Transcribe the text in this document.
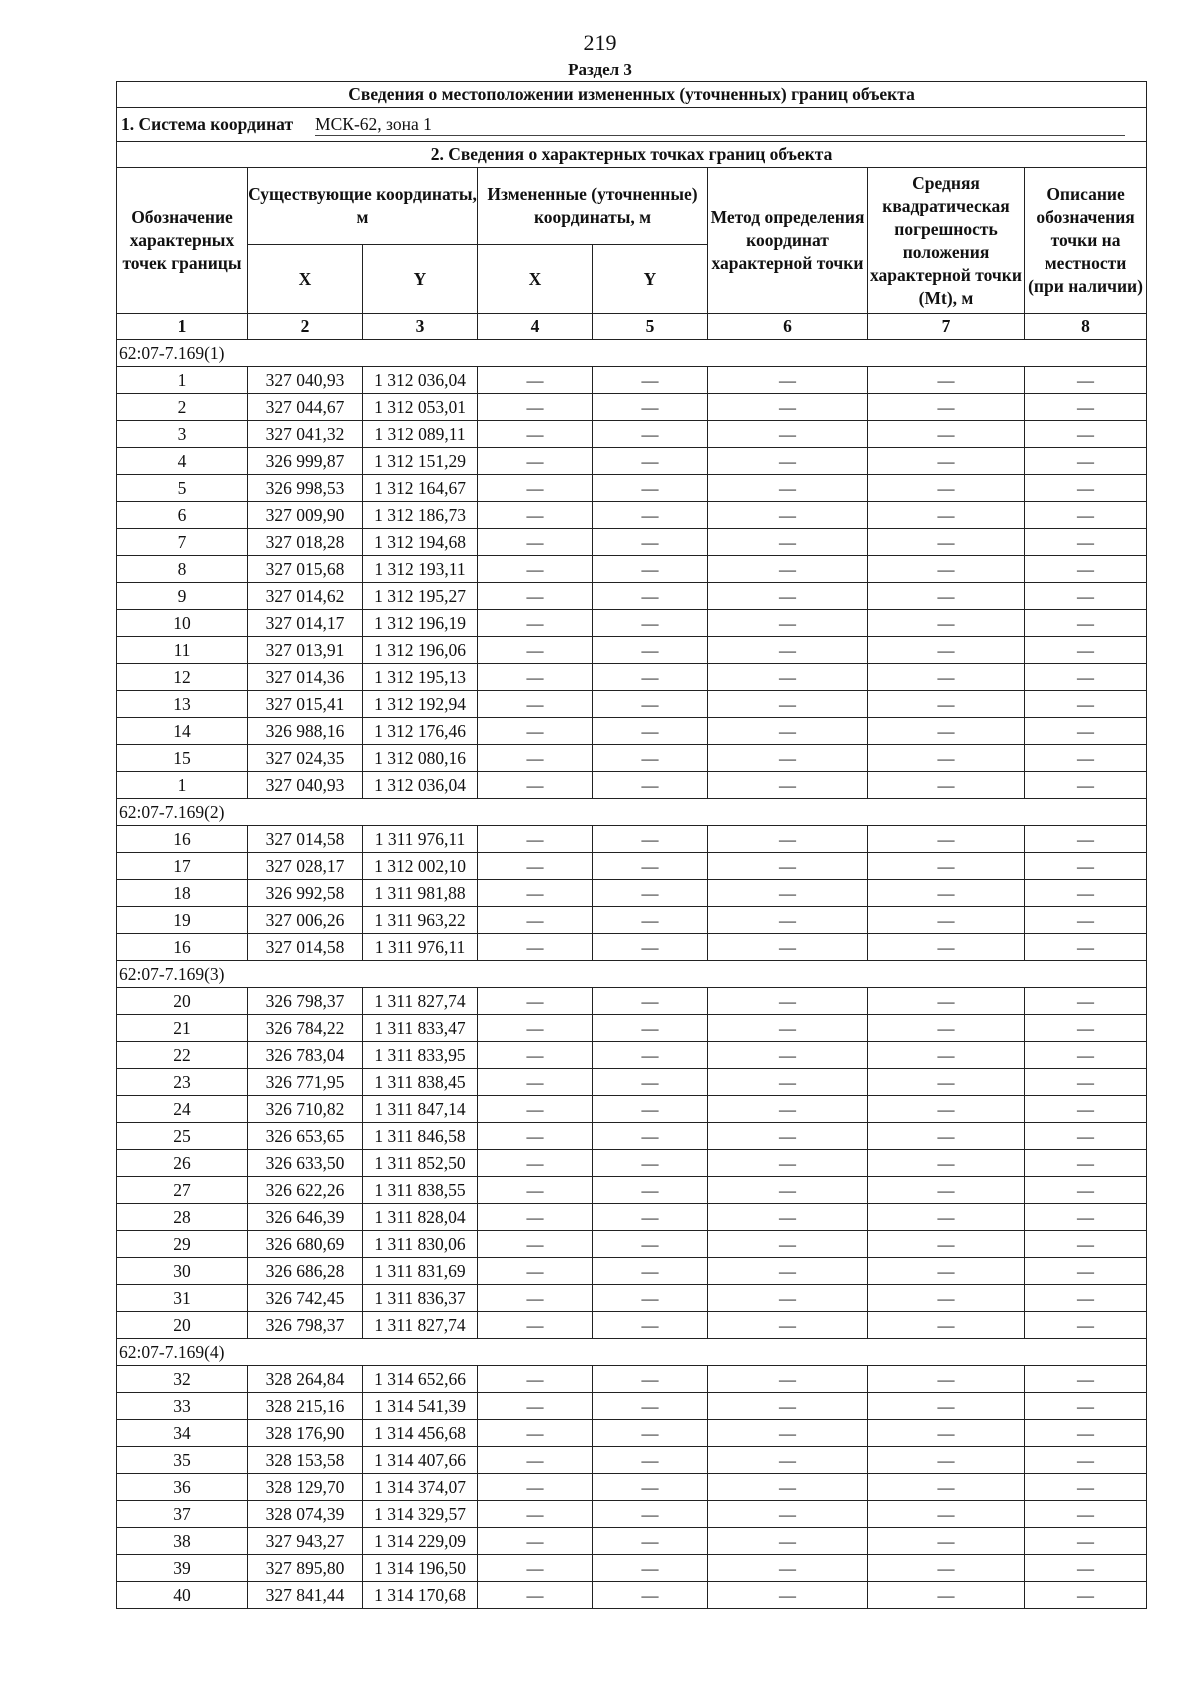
219
Раздел 3
Сведения о местоположении измененных (уточненных) границ объекта							
1. Система координат МСК-62, зона 1							
2. Сведения о характерных точках границ объекта							
Обозначение характерных точек границы	Существующие координаты, м		Измененные (уточненные) координаты, м		Метод определения координат характерной точки	Средняя квадратическая погрешность положения характерной точки (Mt), м	Описание обозначения точки на местности (при наличии)
	X	Y	X	Y			
1	2	3	4	5	6	7	8
62:07-7.169(1)							
1	327 040,93	1 312 036,04	—	—	—	—	—
2	327 044,67	1 312 053,01	—	—	—	—	—
3	327 041,32	1 312 089,11	—	—	—	—	—
4	326 999,87	1 312 151,29	—	—	—	—	—
5	326 998,53	1 312 164,67	—	—	—	—	—
6	327 009,90	1 312 186,73	—	—	—	—	—
7	327 018,28	1 312 194,68	—	—	—	—	—
8	327 015,68	1 312 193,11	—	—	—	—	—
9	327 014,62	1 312 195,27	—	—	—	—	—
10	327 014,17	1 312 196,19	—	—	—	—	—
11	327 013,91	1 312 196,06	—	—	—	—	—
12	327 014,36	1 312 195,13	—	—	—	—	—
13	327 015,41	1 312 192,94	—	—	—	—	—
14	326 988,16	1 312 176,46	—	—	—	—	—
15	327 024,35	1 312 080,16	—	—	—	—	—
1	327 040,93	1 312 036,04	—	—	—	—	—
62:07-7.169(2)							
16	327 014,58	1 311 976,11	—	—	—	—	—
17	327 028,17	1 312 002,10	—	—	—	—	—
18	326 992,58	1 311 981,88	—	—	—	—	—
19	327 006,26	1 311 963,22	—	—	—	—	—
16	327 014,58	1 311 976,11	—	—	—	—	—
62:07-7.169(3)							
20	326 798,37	1 311 827,74	—	—	—	—	—
21	326 784,22	1 311 833,47	—	—	—	—	—
22	326 783,04	1 311 833,95	—	—	—	—	—
23	326 771,95	1 311 838,45	—	—	—	—	—
24	326 710,82	1 311 847,14	—	—	—	—	—
25	326 653,65	1 311 846,58	—	—	—	—	—
26	326 633,50	1 311 852,50	—	—	—	—	—
27	326 622,26	1 311 838,55	—	—	—	—	—
28	326 646,39	1 311 828,04	—	—	—	—	—
29	326 680,69	1 311 830,06	—	—	—	—	—
30	326 686,28	1 311 831,69	—	—	—	—	—
31	326 742,45	1 311 836,37	—	—	—	—	—
20	326 798,37	1 311 827,74	—	—	—	—	—
62:07-7.169(4)							
32	328 264,84	1 314 652,66	—	—	—	—	—
33	328 215,16	1 314 541,39	—	—	—	—	—
34	328 176,90	1 314 456,68	—	—	—	—	—
35	328 153,58	1 314 407,66	—	—	—	—	—
36	328 129,70	1 314 374,07	—	—	—	—	—
37	328 074,39	1 314 329,57	—	—	—	—	—
38	327 943,27	1 314 229,09	—	—	—	—	—
39	327 895,80	1 314 196,50	—	—	—	—	—
40	327 841,44	1 314 170,68	—	—	—	—	—
